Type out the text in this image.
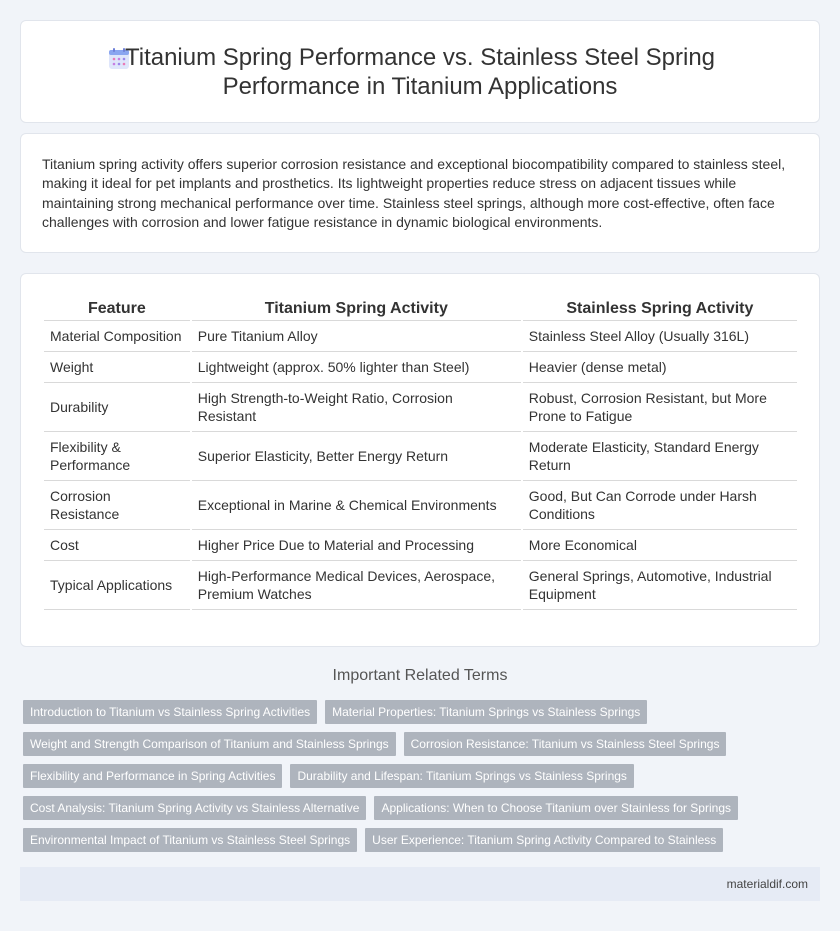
Titanium Spring Performance vs. Stainless Steel Spring Performance in Titanium Applications

Titanium spring activity offers superior corrosion resistance and exceptional biocompatibility compared to stainless steel, making it ideal for pet implants and prosthetics. Its lightweight properties reduce stress on adjacent tissues while maintaining strong mechanical performance over time. Stainless steel springs, although more cost-effective, often face challenges with corrosion and lower fatigue resistance in dynamic biological environments.

Feature	Titanium Spring Activity	Stainless Spring Activity
Material Composition	Pure Titanium Alloy	Stainless Steel Alloy (Usually 316L)
Weight	Lightweight (approx. 50% lighter than Steel)	Heavier (dense metal)
Durability	High Strength-to-Weight Ratio, Corrosion Resistant	Robust, Corrosion Resistant, but More Prone to Fatigue
Flexibility & Performance	Superior Elasticity, Better Energy Return	Moderate Elasticity, Standard Energy Return
Corrosion Resistance	Exceptional in Marine & Chemical Environments	Good, But Can Corrode under Harsh Conditions
Cost	Higher Price Due to Material and Processing	More Economical
Typical Applications	High-Performance Medical Devices, Aerospace, Premium Watches	General Springs, Automotive, Industrial Equipment
Important Related Terms
Introduction to Titanium vs Stainless Spring Activities	Material Properties: Titanium Springs vs Stainless Springs
Weight and Strength Comparison of Titanium and Stainless Springs	Corrosion Resistance: Titanium vs Stainless Steel Springs
Flexibility and Performance in Spring Activities	Durability and Lifespan: Titanium Springs vs Stainless Springs
Cost Analysis: Titanium Spring Activity vs Stainless Alternative	Applications: When to Choose Titanium over Stainless for Springs
Environmental Impact of Titanium vs Stainless Steel Springs	User Experience: Titanium Spring Activity Compared to Stainless
materialdif.com
